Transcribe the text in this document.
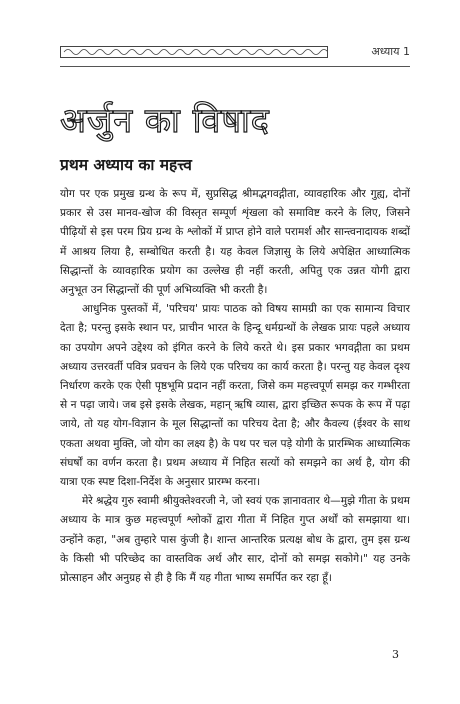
अध्याय 1
अर्जुन का विषाद
प्रथम अध्याय का महत्त्व

योग पर एक प्रमुख ग्रन्थ के रूप में, सुप्रसिद्ध श्रीमद्भगवद्गीता, व्यावहारिक और गुह्य, दोनों प्रकार से उस मानव-खोज की विस्तृत सम्पूर्ण शृंखला को समाविष्ट करने के लिए, जिसने पीढ़ियों से इस परम प्रिय ग्रन्थ के श्लोकों में प्राप्त होने वाले परामर्श और सान्त्वनादायक शब्दों में आश्रय लिया है, सम्बोधित करती है। यह केवल जिज्ञासु के लिये अपेक्षित आध्यात्मिक सिद्धान्तों के व्यावहारिक प्रयोग का उल्लेख ही नहीं करती, अपितु एक उन्नत योगी द्वारा अनुभूत उन सिद्धान्तों की पूर्ण अभिव्यक्ति भी करती है।

आधुनिक पुस्तकों में, 'परिचय' प्रायः पाठक को विषय सामग्री का एक सामान्य विचार देता है; परन्तु इसके स्थान पर, प्राचीन भारत के हिन्दू धर्मग्रन्थों के लेखक प्रायः पहले अध्याय का उपयोग अपने उद्देश्य को इंगित करने के लिये करते थे। इस प्रकार भगवद्गीता का प्रथम अध्याय उत्तरवर्ती पवित्र प्रवचन के लिये एक परिचय का कार्य करता है। परन्तु यह केवल दृश्य निर्धारण करके एक ऐसी पृष्ठभूमि प्रदान नहीं करता, जिसे कम महत्त्वपूर्ण समझ कर गम्भीरता से न पढ़ा जाये। जब इसे इसके लेखक, महान् ऋषि व्यास, द्वारा इच्छित रूपक के रूप में पढ़ा जाये, तो यह योग-विज्ञान के मूल सिद्धान्तों का परिचय देता है; और कैवल्य (ईश्वर के साथ एकता अथवा मुक्ति, जो योग का लक्ष्य है) के पथ पर चल पड़े योगी के प्रारम्भिक आध्यात्मिक संघर्षों का वर्णन करता है। प्रथम अध्याय में निहित सत्यों को समझने का अर्थ है, योग की यात्रा एक स्पष्ट दिशा-निर्देश के अनुसार प्रारम्भ करना।

मेरे श्रद्धेय गुरु स्वामी श्रीयुक्तेश्वरजी ने, जो स्वयं एक ज्ञानावतार थे—मुझे गीता के प्रथम अध्याय के मात्र कुछ महत्त्वपूर्ण श्लोकों द्वारा गीता में निहित गुप्त अर्थों को समझाया था। उन्होंने कहा, "अब तुम्हारे पास कुंजी है। शान्त आन्तरिक प्रत्यक्ष बोध के द्वारा, तुम इस ग्रन्थ के किसी भी परिच्छेद का वास्तविक अर्थ और सार, दोनों को समझ सकोगे।" यह उनके प्रोत्साहन और अनुग्रह से ही है कि मैं यह गीता भाष्य समर्पित कर रहा हूँ।

3
